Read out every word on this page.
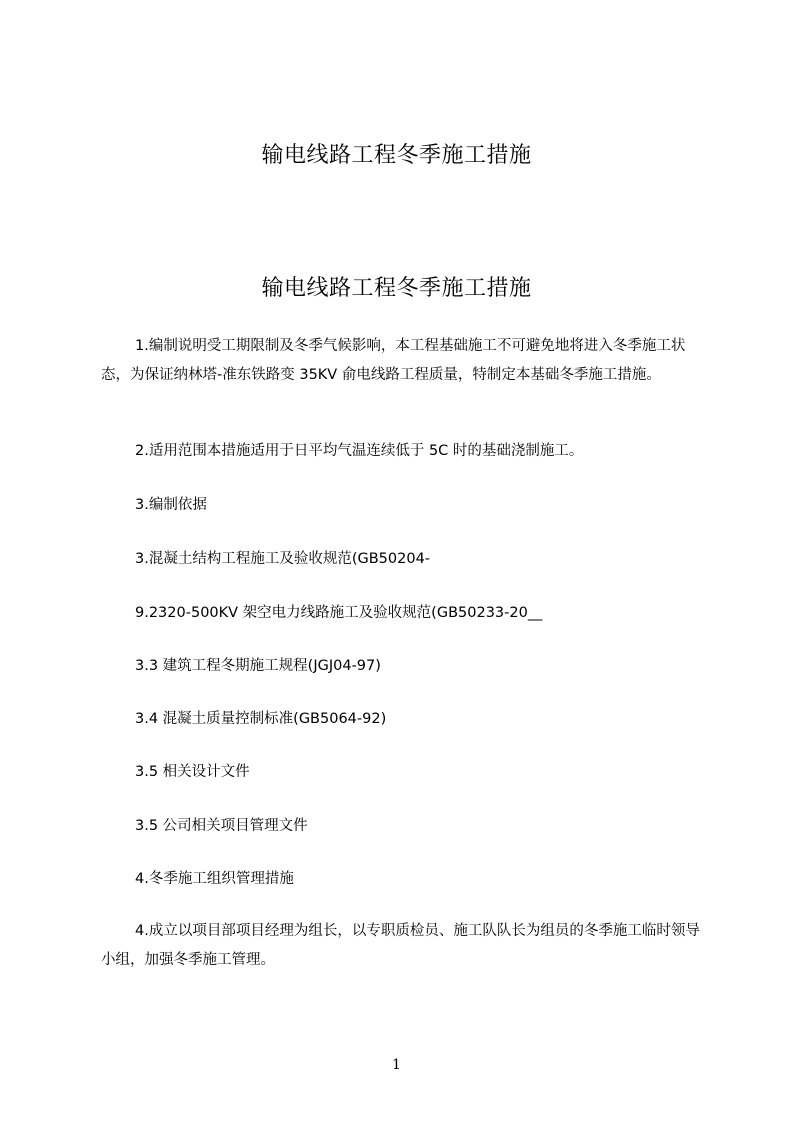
输电线路工程冬季施工措施
输电线路工程冬季施工措施
1.编制说明受工期限制及冬季气候影响，本工程基础施工不可避免地将进入冬季施工状态，为保证纳林塔-准东铁路变 35KV 俞电线路工程质量，特制定本基础冬季施工措施。
2.适用范围本措施适用于日平均气温连续低于 5C 时的基础浇制施工。
3.编制依据
3.混凝土结构工程施工及验收规范(GB50204-
9.2320-500KV 架空电力线路施工及验收规范(GB50233-20__
3.3 建筑工程冬期施工规程(JGJ04-97)
3.4 混凝土质量控制标准(GB5064-92)
3.5 相关设计文件
3.5 公司相关项目管理文件
4.冬季施工组织管理措施
4.成立以项目部项目经理为组长，以专职质检员、施工队队长为组员的冬季施工临时领导小组，加强冬季施工管理。
1
